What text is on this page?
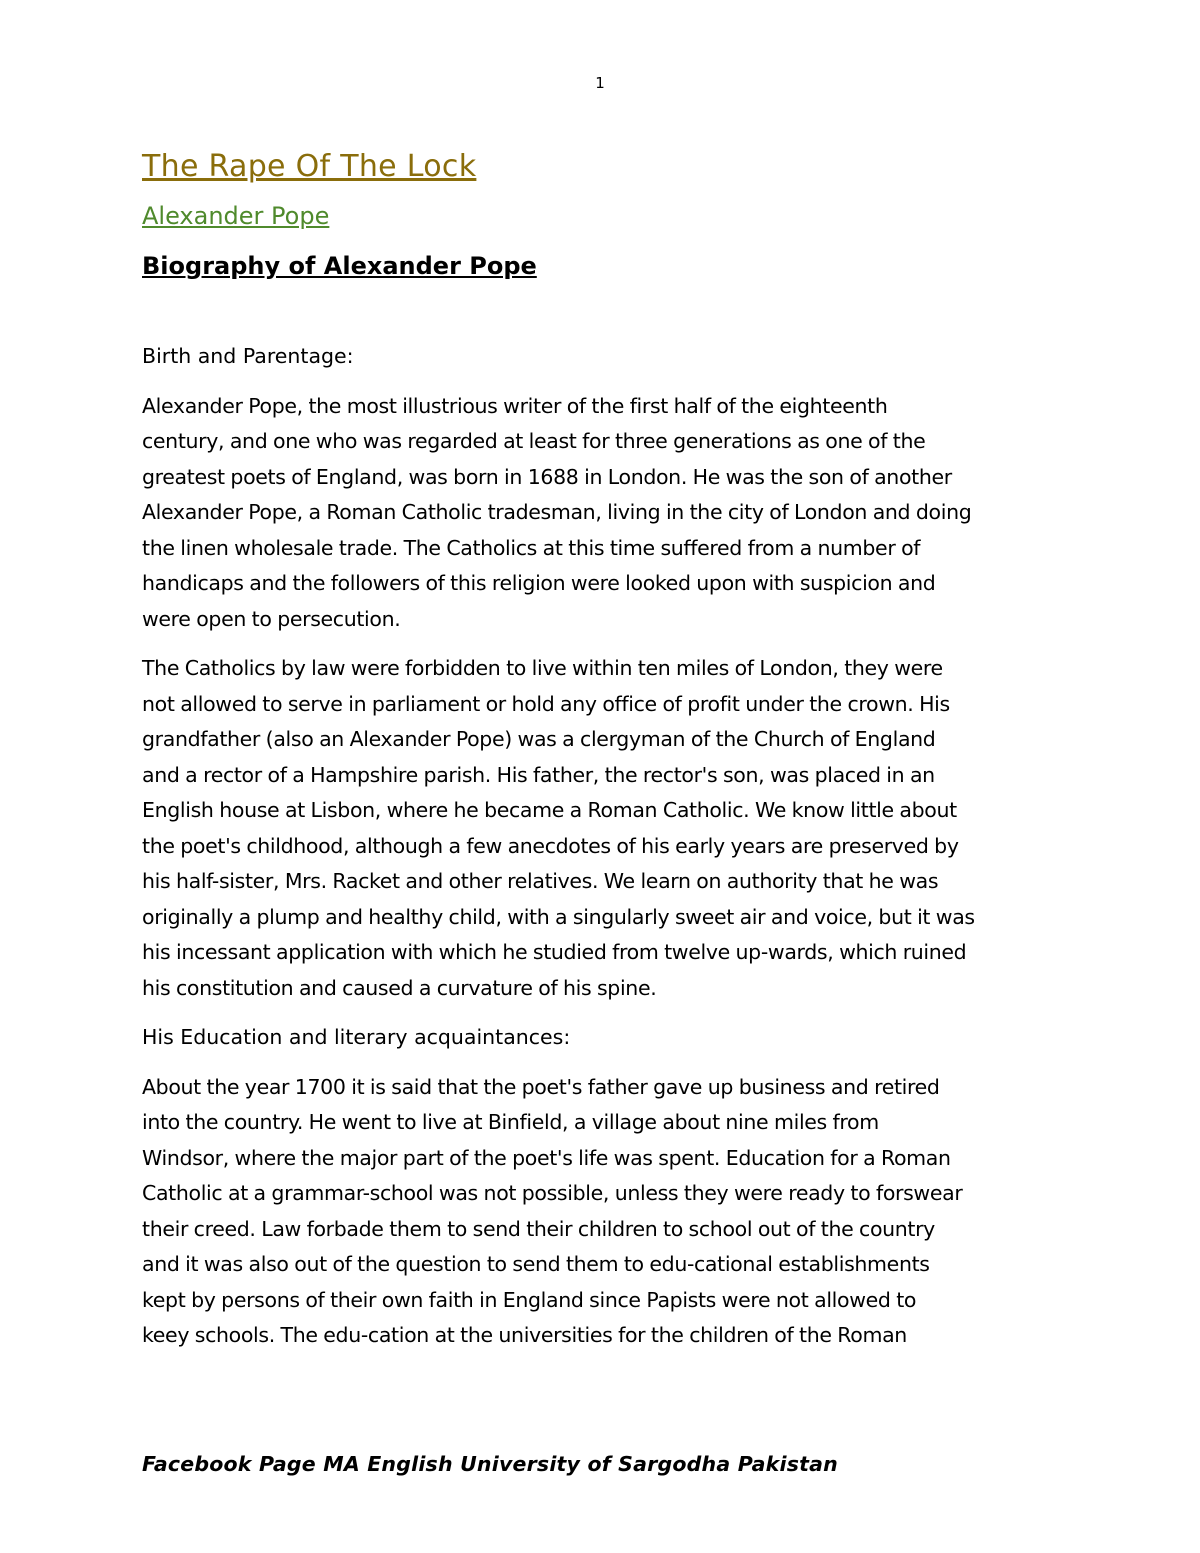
1
The Rape Of The Lock
Alexander Pope
Biography of Alexander Pope
Birth and Parentage:
Alexander Pope, the most illustrious writer of the first half of the eighteenth
century, and one who was regarded at least for three generations as one of the
greatest poets of England, was born in 1688 in London. He was the son of another
Alexander Pope, a Roman Catholic tradesman, living in the city of London and doing
the linen wholesale trade. The Catholics at this time suffered from a number of
handicaps and the followers of this religion were looked upon with suspicion and
were open to persecution.
The Catholics by law were forbidden to live within ten miles of London, they were
not allowed to serve in parliament or hold any office of profit under the crown. His
grandfather (also an Alexander Pope) was a clergyman of the Church of England
and a rector of a Hampshire parish. His father, the rector's son, was placed in an
English house at Lisbon, where he became a Roman Catholic. We know little about
the poet's childhood, although a few anecdotes of his early years are preserved by
his half-sister, Mrs. Racket and other relatives. We learn on authority that he was
originally a plump and healthy child, with a singularly sweet air and voice, but it was
his incessant application with which he studied from twelve up-wards, which ruined
his constitution and caused a curvature of his spine.
His Education and literary acquaintances:
About the year 1700 it is said that the poet's father gave up business and retired
into the country. He went to live at Binfield, a village about nine miles from
Windsor, where the major part of the poet's life was spent. Education for a Roman
Catholic at a grammar-school was not possible, unless they were ready to forswear
their creed. Law forbade them to send their children to school out of the country
and it was also out of the question to send them to edu-cational establishments
kept by persons of their own faith in England since Papists were not allowed to
keey schools. The edu-cation at the universities for the children of the Roman
Facebook Page MA English University of Sargodha Pakistan
